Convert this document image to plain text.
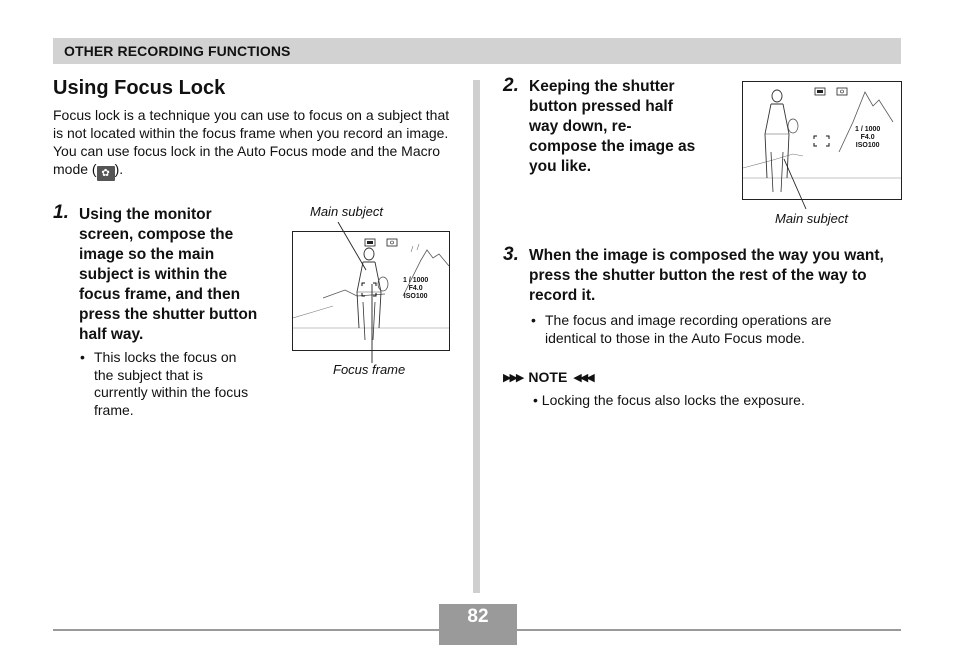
OTHER RECORDING FUNCTIONS
Using Focus Lock
Focus lock is a technique you can use to focus on a subject that is not located within the focus frame when you record an image. You can use focus lock in the Auto Focus mode and the Macro mode ( ✿ ).
1. Using the monitor screen, compose the image so the main subject is within the focus frame, and then press the shutter button half way.
• This locks the focus on the subject that is currently within the focus frame.
Main subject
1 / 1000
F4.0
ISO100
Focus frame
2. Keeping the shutter button pressed half way down, re-compose the image as you like.
1 / 1000
F4.0
ISO100
Main subject
3. When the image is composed the way you want, press the shutter button the rest of the way to record it.
• The focus and image recording operations are identical to those in the Auto Focus mode.
▶▶▶ NOTE ◀◀◀
• Locking the focus also locks the exposure.
82
